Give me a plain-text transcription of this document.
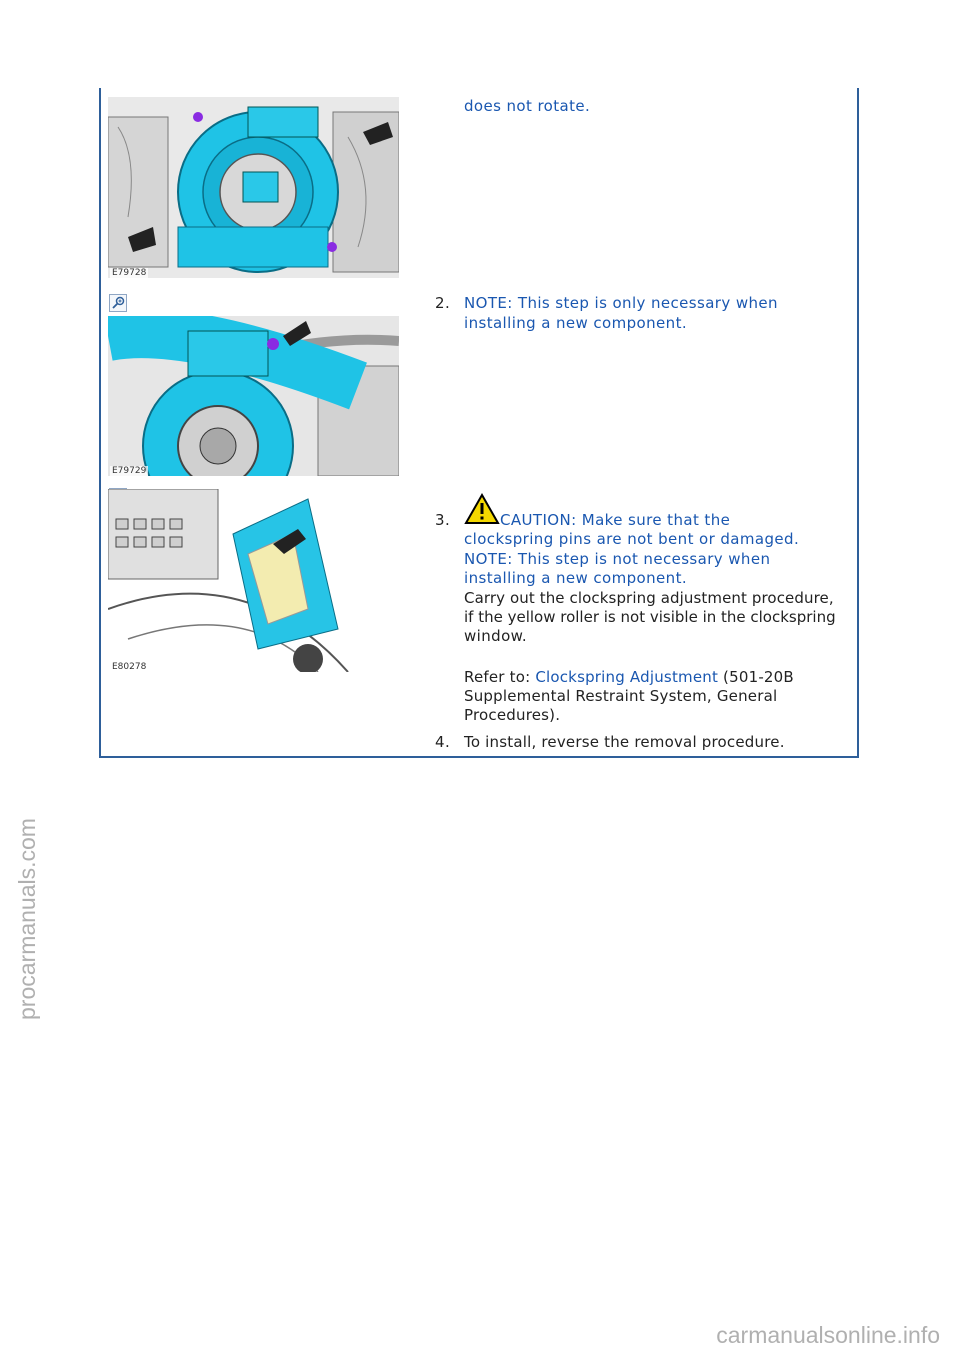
E79728
E79729
E80278
does not rotate.
2. NOTE: This step is only necessary when
installing a new component.
3.	CAUTION: Make sure that the
clockspring pins are not bent or damaged.
NOTE: This step is not necessary when
installing a new component.
Carry out the clockspring adjustment procedure,
if the yellow roller is not visible in the clockspring
window.
Refer to: Clockspring Adjustment (501-20B
Supplemental Restraint System, General
Procedures).
4. To install, reverse the removal procedure.
procarmanuals.com
carmanualsonline.info
